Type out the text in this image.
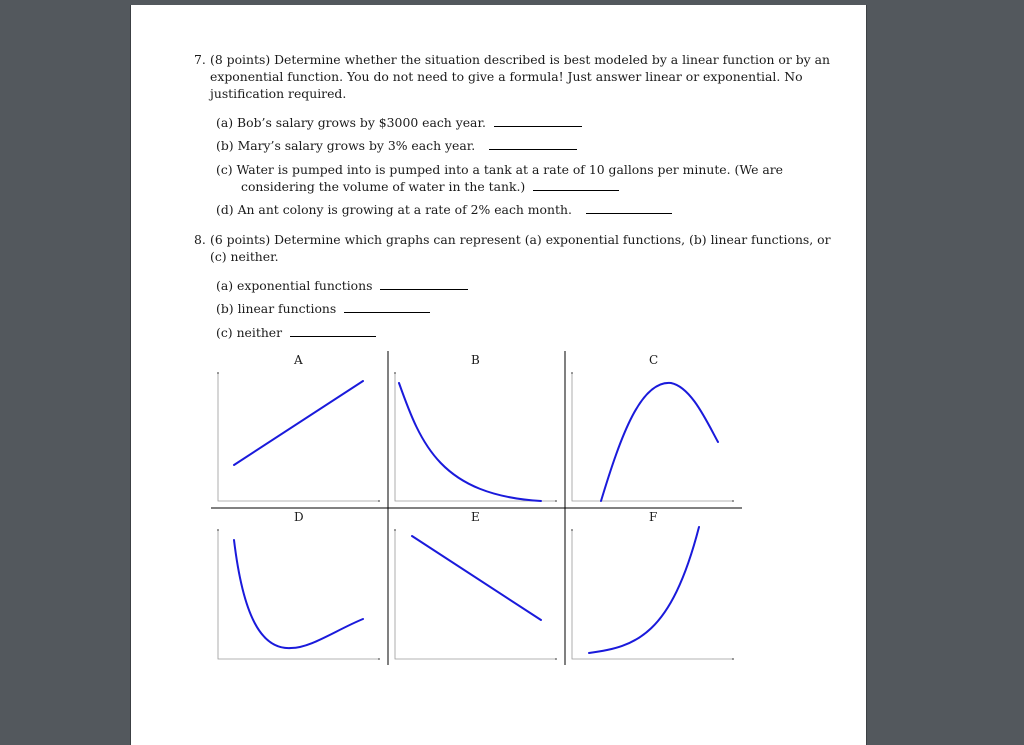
7. (8 points) Determine whether the situation described is best modeled by a linear function or by an
exponential function. You do not need to give a formula! Just answer linear or exponential. No
justification required.
(a) Bob’s salary grows by $3000 each year.
(b) Mary’s salary grows by 3% each year.
(c) Water is pumped into is pumped into a tank at a rate of 10 gallons per minute. (We are
considering the volume of water in the tank.)
(d) An ant colony is growing at a rate of 2% each month.
8. (6 points) Determine which graphs can represent (a) exponential functions, (b) linear functions, or
(c) neither.
(a) exponential functions
(b) linear functions
(c) neither
A	B	C
D	E	F
